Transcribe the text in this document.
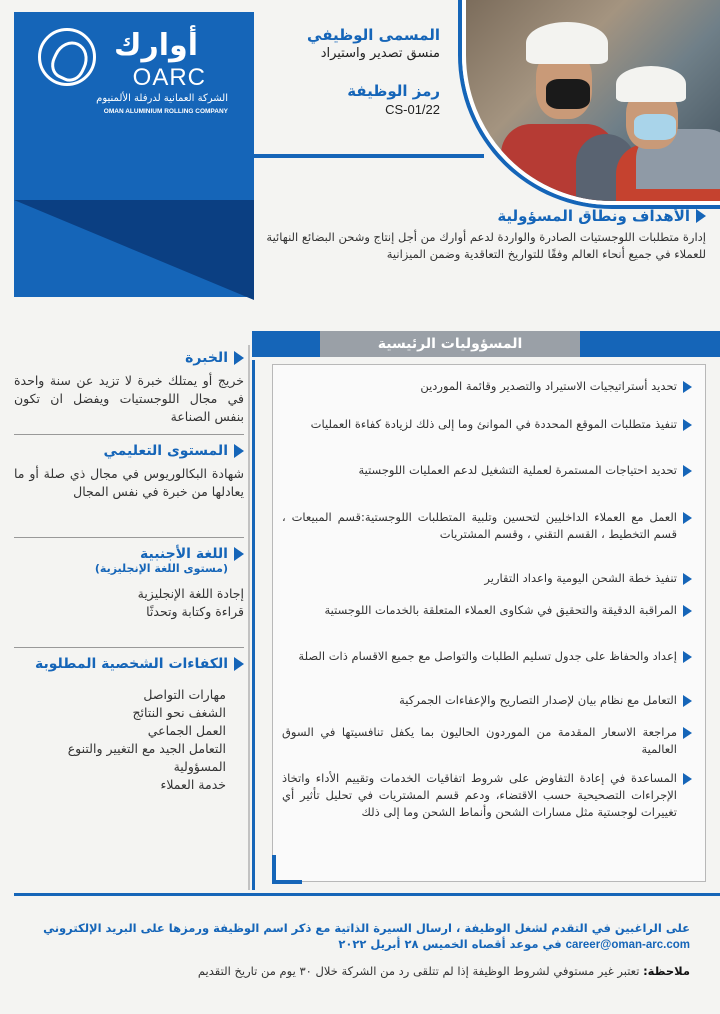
أوارك
OARC
الشركة العمانية لدرفلة الألمنيوم
OMAN ALUMINIUM ROLLING COMPANY
المسمى الوظيفي
منسق تصدير واستيراد
رمز الوظيفة
CS-01/22
الأهداف ونطاق المسؤولية
إدارة متطلبات اللوجستيات الصادرة والواردة لدعم أوارك من أجل إنتاج وشحن البضائع النهائية للعملاء في جميع أنحاء العالم وفقًا للتواريخ التعاقدية وضمن الميزانية
المسؤوليات الرئيسية
تحديد أستراتيجيات الاستيراد والتصدير وقائمة الموردين
تنفيذ متطلبات الموقع المحددة في الموانئ وما إلى ذلك لزيادة كفاءة العمليات
تحديد احتياجات المستمرة لعملية التشغيل لدعم العمليات اللوجستية
العمل مع العملاء الداخليين لتحسين وتلبية المتطلبات اللوجستية:قسم المبيعات ، قسم التخطيط ، القسم التقني ، وقسم المشتريات
تنفيذ خطة الشحن اليومية واعداد التقارير
المراقبة الدقيقة والتحقيق في شكاوى العملاء المتعلقة بالخدمات اللوجستية
إعداد والحفاظ على جدول تسليم الطلبات والتواصل مع جميع الاقسام ذات الصلة
التعامل مع نظام بيان لإصدار التصاريح والإعفاءات الجمركية
مراجعة الاسعار المقدمة من الموردون الحاليون بما يكفل تنافسيتها في السوق العالمية
المساعدة في إعادة التفاوض على شروط اتفاقيات الخدمات وتقييم الأداء واتخاذ الإجراءات التصحيحية حسب الاقتضاء، ودعم قسم المشتريات في تحليل تأثير أي تغييرات لوجستية مثل مسارات الشحن وأنماط الشحن وما إلى ذلك
الخبرة
خريج أو يمتلك خبرة لا تزيد عن سنة واحدة في مجال اللوجستيات ويفضل ان تكون بنفس الصناعة
المستوى التعليمي
شهادة البكالوريوس في مجال ذي صلة أو ما يعادلها من خبرة في نفس المجال
اللغة الأجنبية
(مستوى اللغة الإنجليزية)
إجادة اللغة الإنجليزية
قراءة وكتابة وتحدثًا
الكفاءات الشخصية المطلوبة
مهارات التواصل
الشغف نحو النتائج
العمل الجماعي
التعامل الجيد مع التغيير والتنوع
المسؤولية
خدمة العملاء
على الراغبين في التقدم لشغل الوظيفة ، ارسال السيرة الذاتية مع ذكر اسم الوظيفة ورمزها على البريد الإلكتروني
career@oman-arc.com في موعد أقصاه الخميس ٢٨ أبريل ٢٠٢٢
ملاحظة: تعتبر غير مستوفي لشروط الوظيفة إذا لم تتلقى رد من الشركة خلال ٣٠ يوم من تاريخ التقديم
